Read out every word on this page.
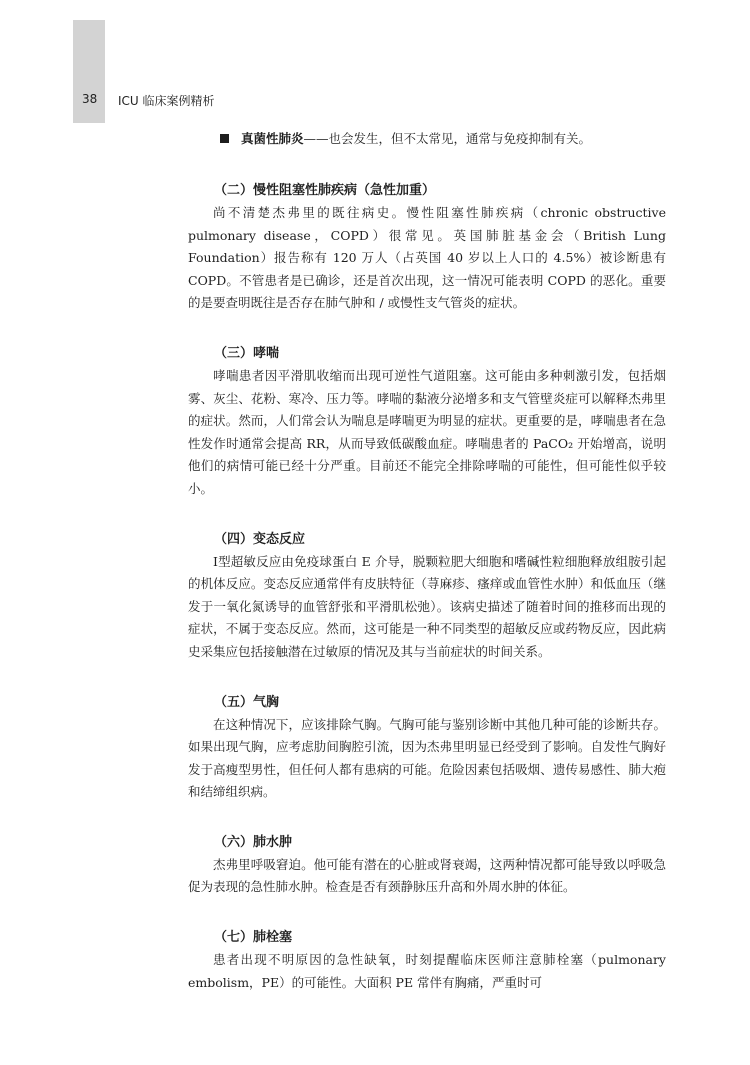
38 ICU 临床案例精析
真菌性肺炎——也会发生，但不太常见，通常与免疫抑制有关。
（二）慢性阻塞性肺疾病（急性加重）

尚不清楚杰弗里的既往病史。慢性阻塞性肺疾病（chronic obstructive pulmonary disease，COPD）很常见。英国肺脏基金会（British Lung Foundation）报告称有 120 万人（占英国 40 岁以上人口的 4.5%）被诊断患有 COPD。不管患者是已确诊，还是首次出现，这一情况可能表明 COPD 的恶化。重要的是要查明既往是否存在肺气肿和 / 或慢性支气管炎的症状。

（三）哮喘

哮喘患者因平滑肌收缩而出现可逆性气道阻塞。这可能由多种刺激引发，包括烟雾、灰尘、花粉、寒冷、压力等。哮喘的黏液分泌增多和支气管壁炎症可以解释杰弗里的症状。然而，人们常会认为喘息是哮喘更为明显的症状。更重要的是，哮喘患者在急性发作时通常会提高 RR，从而导致低碳酸血症。哮喘患者的 PaCO₂ 开始增高，说明他们的病情可能已经十分严重。目前还不能完全排除哮喘的可能性，但可能性似乎较小。

（四）变态反应

Ⅰ型超敏反应由免疫球蛋白 E 介导，脱颗粒肥大细胞和嗜碱性粒细胞释放组胺引起的机体反应。变态反应通常伴有皮肤特征（荨麻疹、瘙痒或血管性水肿）和低血压（继发于一氧化氮诱导的血管舒张和平滑肌松弛）。该病史描述了随着时间的推移而出现的症状，不属于变态反应。然而，这可能是一种不同类型的超敏反应或药物反应，因此病史采集应包括接触潜在过敏原的情况及其与当前症状的时间关系。

（五）气胸

在这种情况下，应该排除气胸。气胸可能与鉴别诊断中其他几种可能的诊断共存。如果出现气胸，应考虑肋间胸腔引流，因为杰弗里明显已经受到了影响。自发性气胸好发于高瘦型男性，但任何人都有患病的可能。危险因素包括吸烟、遗传易感性、肺大疱和结缔组织病。

（六）肺水肿

杰弗里呼吸窘迫。他可能有潜在的心脏或肾衰竭，这两种情况都可能导致以呼吸急促为表现的急性肺水肿。检查是否有颈静脉压升高和外周水肿的体征。

（七）肺栓塞

患者出现不明原因的急性缺氧，时刻提醒临床医师注意肺栓塞（pulmonary embolism，PE）的可能性。大面积 PE 常伴有胸痛，严重时可
